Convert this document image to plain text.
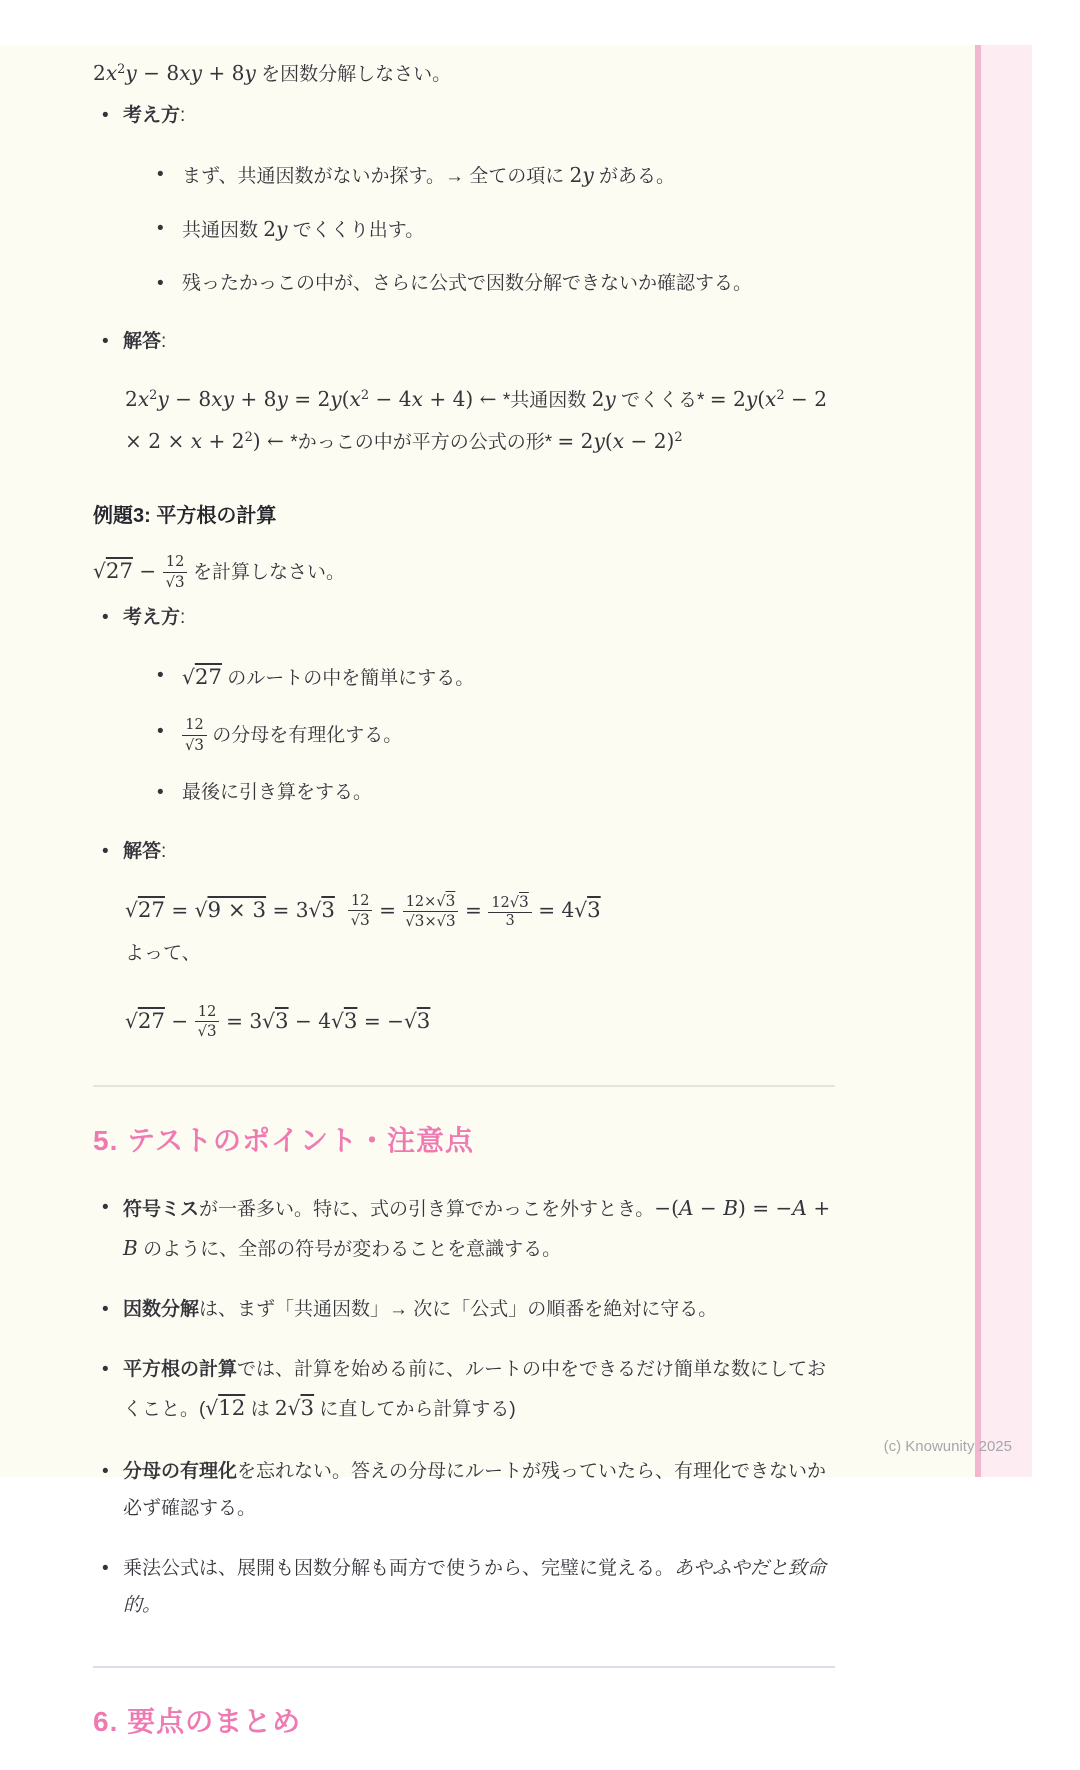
$2x^2y - 8xy + 8y$ を因数分解しなさい。

• 考え方:
• まず、共通因数がないか探す。→ 全ての項に 2y がある。
• 共通因数 2y でくくり出す。
• 残ったかっこの中が、さらに公式で因数分解できないか確認する。
• 解答:
$2x^2y - 8xy + 8y = 2y(x^2 - 4x + 4)$ ← *共通因数 2y でくくる* = $2y(x^2 - 2 \times 2 \times x + 2^2)$ ← *かっこの中が平方の公式の形* = $2y(x - 2)^2$
例題3: 平方根の計算

$√27 - \frac{12}{√3}$ を計算しなさい。

• 考え方:
• √27 のルートの中を簡単にする。
• $\frac{12}{√3}$ の分母を有理化する。
• 最後に引き算をする。
• 解答:
$√27 = √9 \times 3 = 3√3 \frac{12}{√3} = \frac{12\times√3}{√3\times√3} = \frac{12√3}{3} = 4√3$
よって、
$√27 - \frac{12}{√3} = 3√3 - 4√3 = -√3$
5. テストのポイント・注意点
• 符号ミスが一番多い。特に、式の引き算でかっこを外すとき。−(A − B) = −A + B のように、全部の符号が変わることを意識する。
• 因数分解は、まず「共通因数」→ 次に「公式」の順番を絶対に守る。
• 平方根の計算では、計算を始める前に、ルートの中をできるだけ簡単な数にしておくこと。(√12 は 2√3 に直してから計算する)
• 分母の有理化を忘れない。答えの分母にルートが残っていたら、有理化できないか必ず確認する。
• 乗法公式は、展開も因数分解も両方で使うから、完璧に覚える。あやふやだと致命的。
6. 要点のまとめ
(c) Knowunity 2025
